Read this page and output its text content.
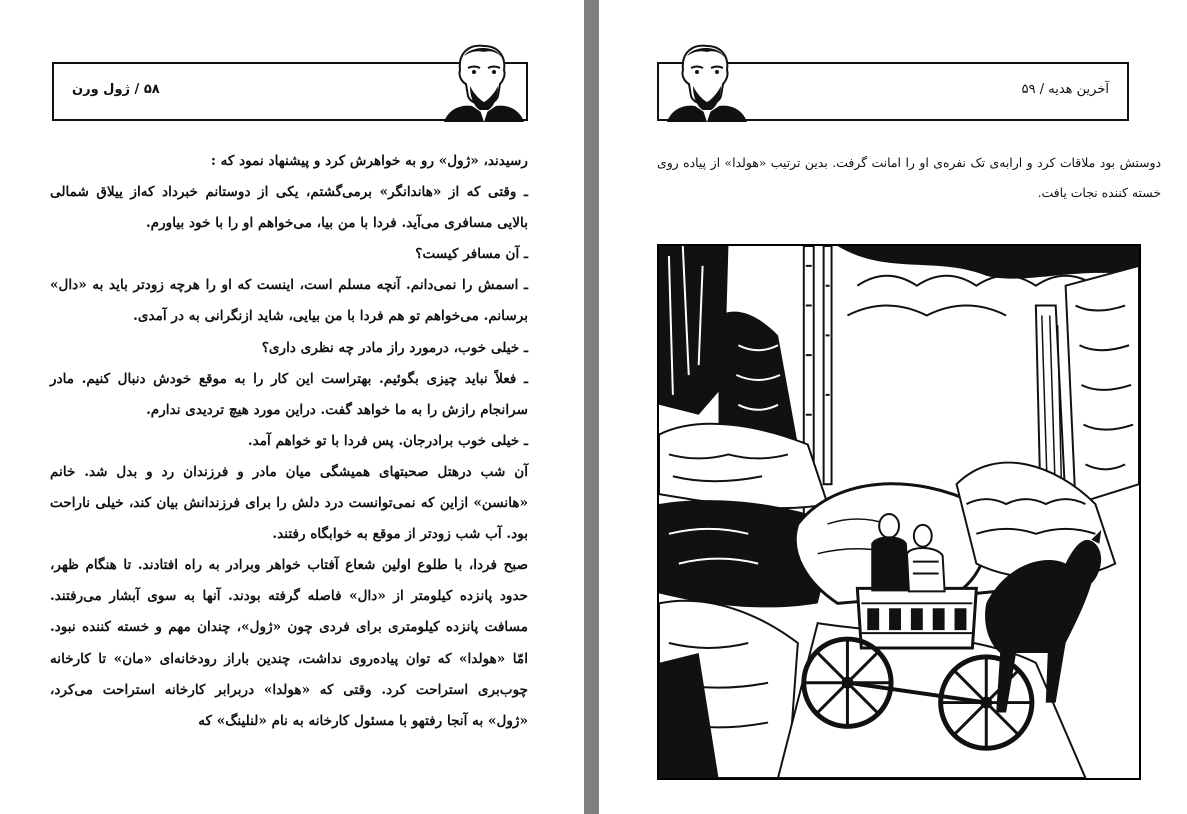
۵۸ / ژول ورن

رسیدند، «ژول» رو به خواهرش کرد و پیشنهاد نمود که :

ـ وقتی که از «هاندانگر» برمی‌گشتم، یکی از دوستانم خبرداد که‌از ییلاق شمالی بالایی مسافری می‌آید. فردا با من بیا، می‌خواهم او را با خود بیاورم.

ـ آن مسافر کیست؟

ـ اسمش را نمی‌دانم. آنچه مسلم است، اینست که او را هرچه زودتر باید به «دال» برسانم. می‌خواهم تو هم فردا با من بیایی، شاید ازنگرانی به در آمدی.

ـ خیلی خوب، درمورد راز مادر چه نظری داری؟

ـ فعلاً نباید چیزی بگوئیم. بهتراست این کار را به موقع خودش دنبال کنیم. مادر سرانجام رازش را به ما خواهد گفت. دراین مورد هیچ تردیدی ندارم.

ـ خیلی خوب برادرجان. پس فردا با تو خواهم آمد.

آن شب درهتل صحبتهای همیشگی میان مادر و فرزندان رد و بدل شد. خانم «هانسن» ازاین که نمی‌توانست درد دلش را برای فرزندانش بیان کند، خیلی ناراحت بود. آب شب زودتر از موقع به خوابگاه رفتند.

صبح فردا، با طلوع اولین شعاع آفتاب خواهر وبرادر به راه افتادند. تا هنگام ظهر، حدود پانزده کیلومتر از «دال» فاصله گرفته بودند. آنها به سوی آبشار می‌رفتند. مسافت پانزده کیلومتری برای فردی چون «ژول»، چندان مهم و خسته کننده نبود. امّا «هولدا» که توان پیاده‌روی نداشت، چندین باراز رودخانه‌ای «مان» تا کارخانه چوب‌بری استراحت کرد. وقتی که «هولدا» دربرابر کارخانه استراحت می‌کرد، «ژول» به آنجا رفتهو با مسئول کارخانه به نام «لنلینگ» که

آخرین هدیه / ۵۹

دوستش بود ملاقات کرد و ارابه‌ی تک نفره‌ی او را امانت گرفت. بدین ترتیب «هولدا» از پیاده روی خسته کننده نجات یافت.
